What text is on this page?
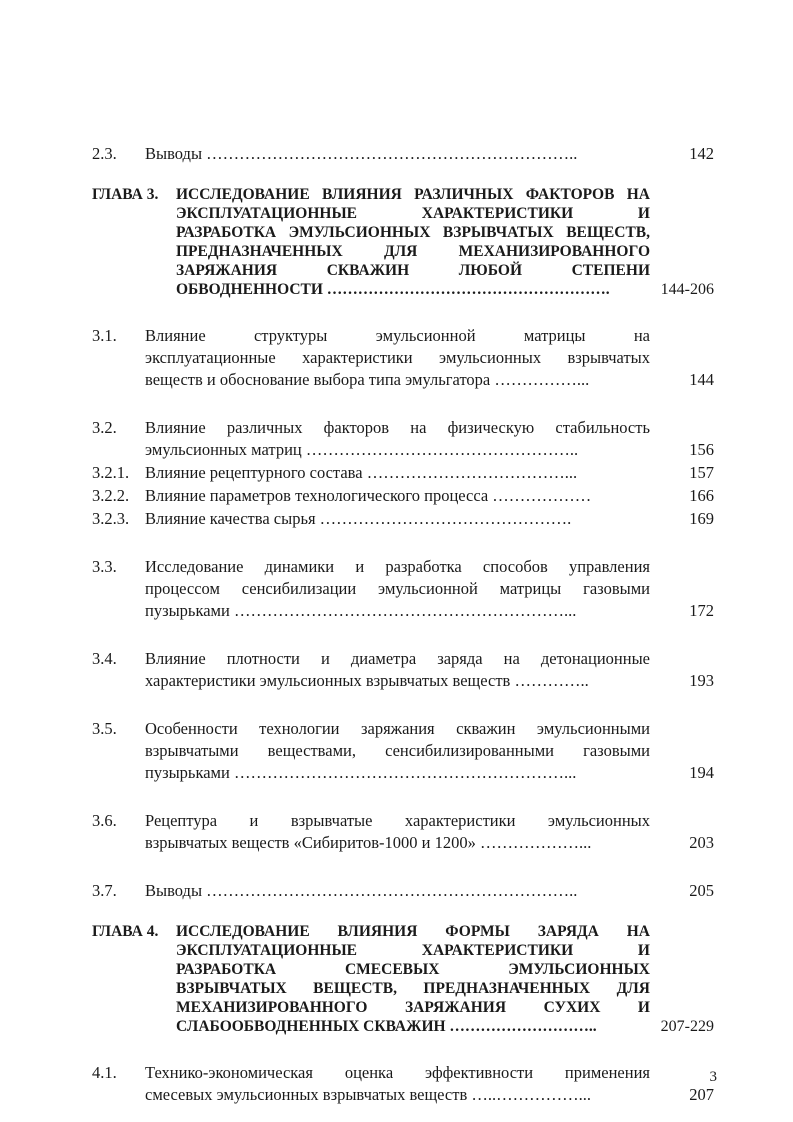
2.3.	Выводы …………………………………………………………..	142
ГЛАВА 3.	ИССЛЕДОВАНИЕ ВЛИЯНИЯ РАЗЛИЧНЫХ ФАКТОРОВ НА
ЭКСПЛУАТАЦИОННЫЕ ХАРАКТЕРИСТИКИ И
РАЗРАБОТКА ЭМУЛЬСИОННЫХ ВЗРЫВЧАТЫХ ВЕЩЕСТВ,
ПРЕДНАЗНАЧЕННЫХ ДЛЯ МЕХАНИЗИРОВАННОГО
ЗАРЯЖАНИЯ СКВАЖИН ЛЮБОЙ СТЕПЕНИ
ОБВОДНЕННОСТИ ……………………………………………….	144-206
3.1.	Влияние структуры эмульсионной матрицы на
эксплуатационные характеристики эмульсионных взрывчатых
веществ и обоснование выбора типа эмульгатора ……………...	144
3.2.	Влияние различных факторов на физическую стабильность
эмульсионных матриц …………………………………………..	156
3.2.1. Влияние рецептурного состава ………………………………...	157
3.2.2. Влияние параметров технологического процесса ………………	166
3.2.3. Влияние качества сырья ……………………………………….	169
3.3.	Исследование динамики и разработка способов управления
процессом сенсибилизации эмульсионной матрицы газовыми
пузырьками ……………………………………………………...	172
3.4.	Влияние плотности и диаметра заряда на детонационные
характеристики эмульсионных взрывчатых веществ …………..	193
3.5.	Особенности технологии заряжания скважин эмульсионными
взрывчатыми веществами, сенсибилизированными газовыми
пузырьками ……………………………………………………...	194
3.6.	Рецептура и взрывчатые характеристики эмульсионных
взрывчатых веществ «Сибиритов-1000 и 1200» ………………...	203
3.7.	Выводы …………………………………………………………..	205
ГЛАВА 4.	ИССЛЕДОВАНИЕ ВЛИЯНИЯ ФОРМЫ ЗАРЯДА НА
ЭКСПЛУАТАЦИОННЫЕ ХАРАКТЕРИСТИКИ И
РАЗРАБОТКА СМЕСЕВЫХ ЭМУЛЬСИОННЫХ
ВЗРЫВЧАТЫХ ВЕЩЕСТВ, ПРЕДНАЗНАЧЕННЫХ ДЛЯ
МЕХАНИЗИРОВАННОГО ЗАРЯЖАНИЯ СУХИХ И
СЛАБООБВОДНЕННЫХ СКВАЖИН ………………………..	207-229
4.1.	Технико-экономическая оценка эффективности применения
смесевых эмульсионных взрывчатых веществ …..……………...	207
3
